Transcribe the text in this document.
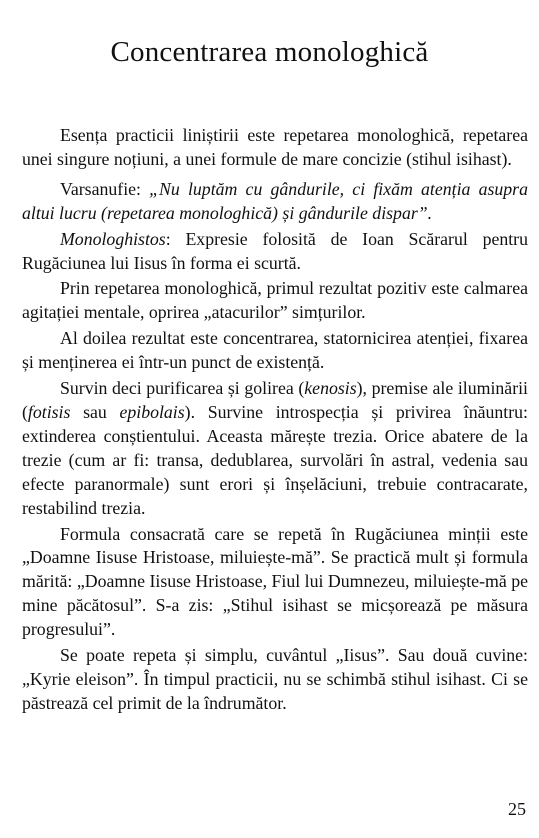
Concentrarea monologhică

Esența practicii liniștirii este repetarea monologhică, repetarea unei singure noțiuni, a unei formule de mare concizie (stihul isihast).

Varsanufie: „Nu luptăm cu gândurile, ci fixăm atenția asupra altui lucru (repetarea monologhică) și gândurile dispar”.

Monologhistos: Expresie folosită de Ioan Scărarul pentru Rugăciunea lui Iisus în forma ei scurtă.

Prin repetarea monologhică, primul rezultat pozitiv este calmarea agitației mentale, oprirea „atacurilor” simțurilor.

Al doilea rezultat este concentrarea, statornicirea atenției, fixarea și menținerea ei într-un punct de existență.

Survin deci purificarea și golirea (kenosis), premise ale iluminării (fotisis sau epibolais). Survine introspecția și privirea înăuntru: extinderea conștientului. Aceasta mărește trezia. Orice abatere de la trezie (cum ar fi: transa, dedublarea, survolări în astral, vedenia sau efecte paranormale) sunt erori și înșelăciuni, trebuie contracarate, restabilind trezia.

Formula consacrată care se repetă în Rugăciunea minții este „Doamne Iisuse Hristoase, miluiește-mă”. Se practică mult și formula mărită: „Doamne Iisuse Hristoase, Fiul lui Dumnezeu, miluiește-mă pe mine păcătosul”. S-a zis: „Stihul isihast se micșorează pe măsura progresului”.

Se poate repeta și simplu, cuvântul „Iisus”. Sau două cuvine: „Kyrie eleison”. În timpul practicii, nu se schimbă stihul isihast. Ci se păstrează cel primit de la îndrumător.

25
